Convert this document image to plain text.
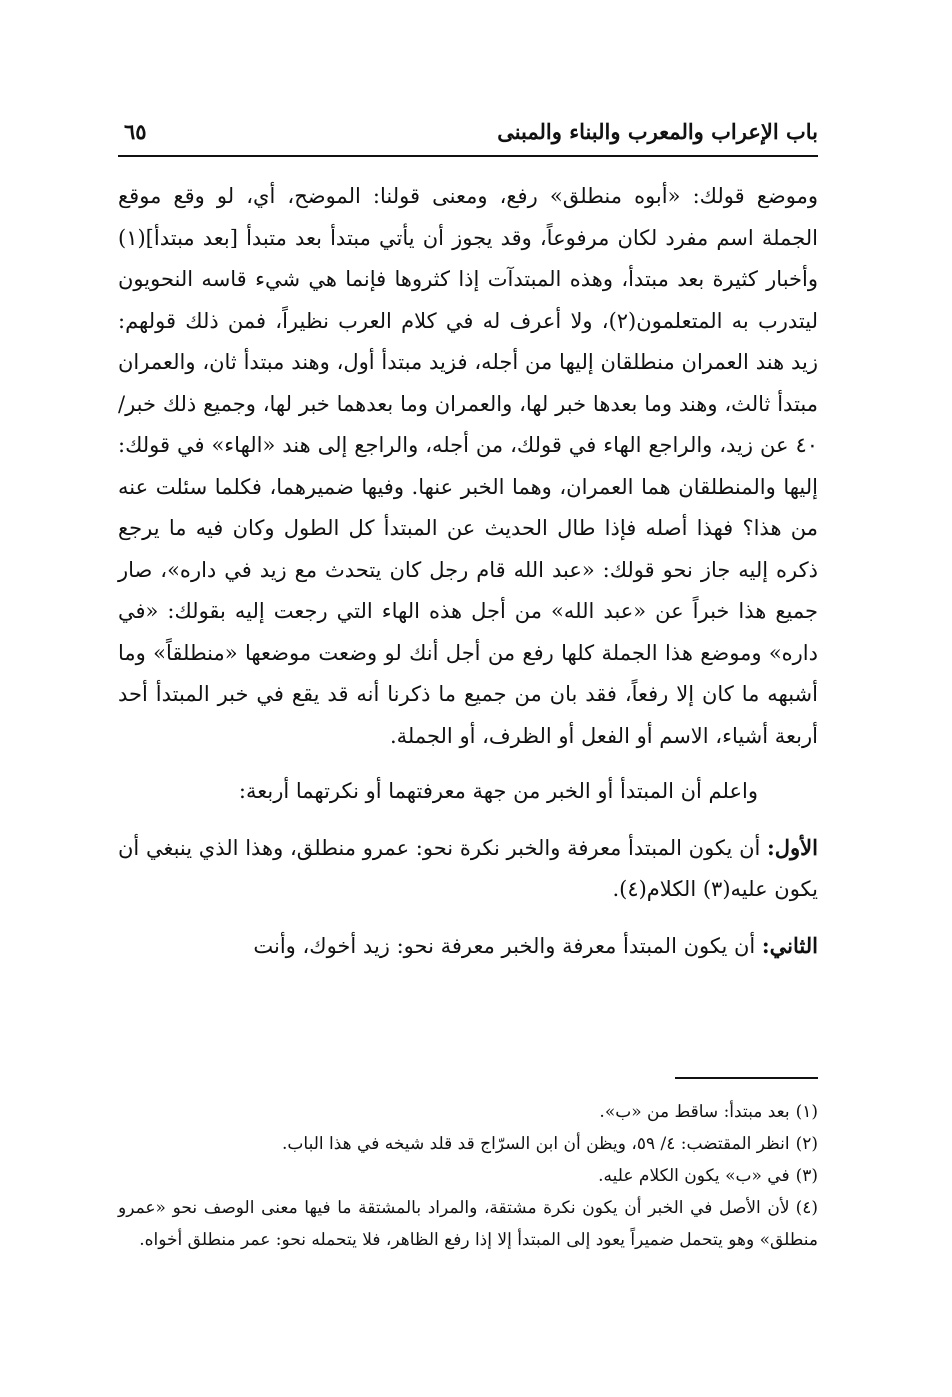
باب الإعراب والمعرب والبناء والمبنى
٦٥

وموضع قولك: «أبوه منطلق» رفع، ومعنى قولنا: الموضح، أي، لو وقع موقع الجملة اسم مفرد لكان مرفوعاً، وقد يجوز أن يأتي مبتدأ بعد متبدأ [بعد مبتدأ](١) وأخبار كثيرة بعد مبتدأ، وهذه المبتدآت إذا كثروها فإنما هي شيء قاسه النحويون ليتدرب به المتعلمون(٢)، ولا أعرف له في كلام العرب نظيراً، فمن ذلك قولهم: زيد هند العمران منطلقان إليها من أجله، فزيد مبتدأ أول، وهند مبتدأ ثان، والعمران مبتدأ ثالث، وهند وما بعدها خبر لها، والعمران وما بعدهما خبر لها، وجميع ذلك خبر/ ٤٠ عن زيد، والراجع الهاء في قولك، من أجله، والراجع إلى هند «الهاء» في قولك: إليها والمنطلقان هما العمران، وهما الخبر عنها. وفيها ضميرهما، فكلما سئلت عنه من هذا؟ فهذا أصله فإذا طال الحديث عن المبتدأ كل الطول وكان فيه ما يرجع ذكره إليه جاز نحو قولك: «عبد الله قام رجل كان يتحدث مع زيد في داره»، صار جميع هذا خبراً عن «عبد الله» من أجل هذه الهاء التي رجعت إليه بقولك: «في داره» وموضع هذا الجملة كلها رفع من أجل أنك لو وضعت موضعها «منطلقاً» وما أشبهه ما كان إلا رفعاً، فقد بان من جميع ما ذكرنا أنه قد يقع في خبر المبتدأ أحد أربعة أشياء، الاسم أو الفعل أو الظرف، أو الجملة.

واعلم أن المبتدأ أو الخبر من جهة معرفتهما أو نكرتهما أربعة:

الأول: أن يكون المبتدأ معرفة والخبر نكرة نحو: عمرو منطلق، وهذا الذي ينبغي أن يكون عليه(٣) الكلام(٤).

الثاني: أن يكون المبتدأ معرفة والخبر معرفة نحو: زيد أخوك، وأنت

(١)بعد مبتدأ: ساقط من «ب».

(٢)انظر المقتضب: ٤/ ٥٩، ويظن أن ابن السرّاج قد قلد شيخه في هذا الباب.

(٣)في «ب» يكون الكلام عليه.

(٤)لأن الأصل في الخبر أن يكون نكرة مشتقة، والمراد بالمشتقة ما فيها معنى الوصف نحو «عمرو منطلق» وهو يتحمل ضميراً يعود إلى المبتدأ إلا إذا رفع الظاهر، فلا يتحمله نحو: عمر منطلق أخواه.
